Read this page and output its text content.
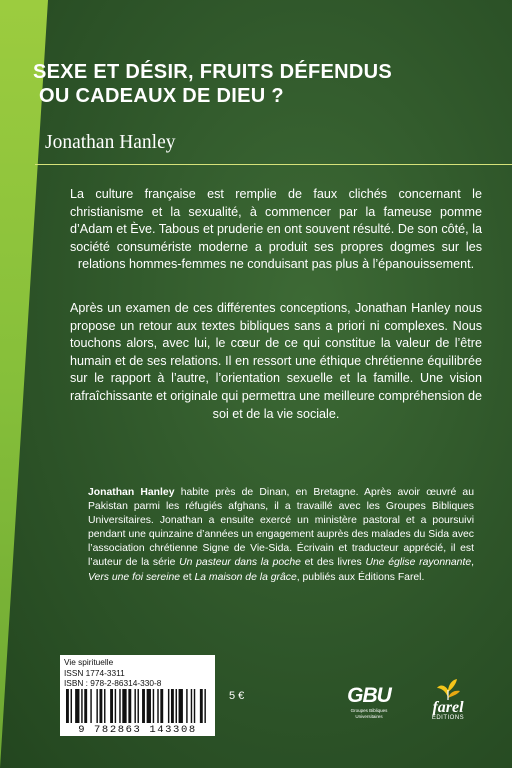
SEXE ET DÉSIR, FRUITS DÉFENDUS
OU CADEAUX DE DIEU ?

Jonathan Hanley

La culture française est remplie de faux clichés concernant le christianisme et la sexualité, à commencer par la fameuse pomme d’Adam et Ève. Tabous et pruderie en ont souvent résulté. De son côté, la société consumériste moderne a produit ses propres dogmes sur les relations hommes-femmes ne conduisant pas plus à l’épanouissement.

Après un examen de ces différentes conceptions, Jonathan Hanley nous propose un retour aux textes bibliques sans a priori ni complexes. Nous touchons alors, avec lui, le cœur de ce qui constitue la valeur de l’être humain et de ses relations. Il en ressort une éthique chrétienne équilibrée sur le rapport à l’autre, l’orientation sexuelle et la famille. Une vision rafraîchissante et originale qui permettra une meilleure compréhension de soi et de la vie sociale.

Jonathan Hanley habite près de Dinan, en Bretagne. Après avoir œuvré au Pakistan parmi les réfugiés afghans, il a travaillé avec les Groupes Bibliques Universitaires. Jonathan a ensuite exercé un ministère pastoral et a poursuivi pendant une quinzaine d’années un engagement auprès des malades du Sida avec l’association chrétienne Signe de Vie-Sida. Écrivain et traducteur apprécié, il est l’auteur de la série Un pasteur dans la poche et des livres Une église rayonnante, Vers une foi sereine et La maison de la grâce, publiés aux Éditions Farel.

Vie spirituelle
ISSN 1774-3311
ISBN : 978-2-86314-330-8
9 782863 143308
5 €	GBU
Groupes Bibliques Universitaires
farel
ÉDITIONS
